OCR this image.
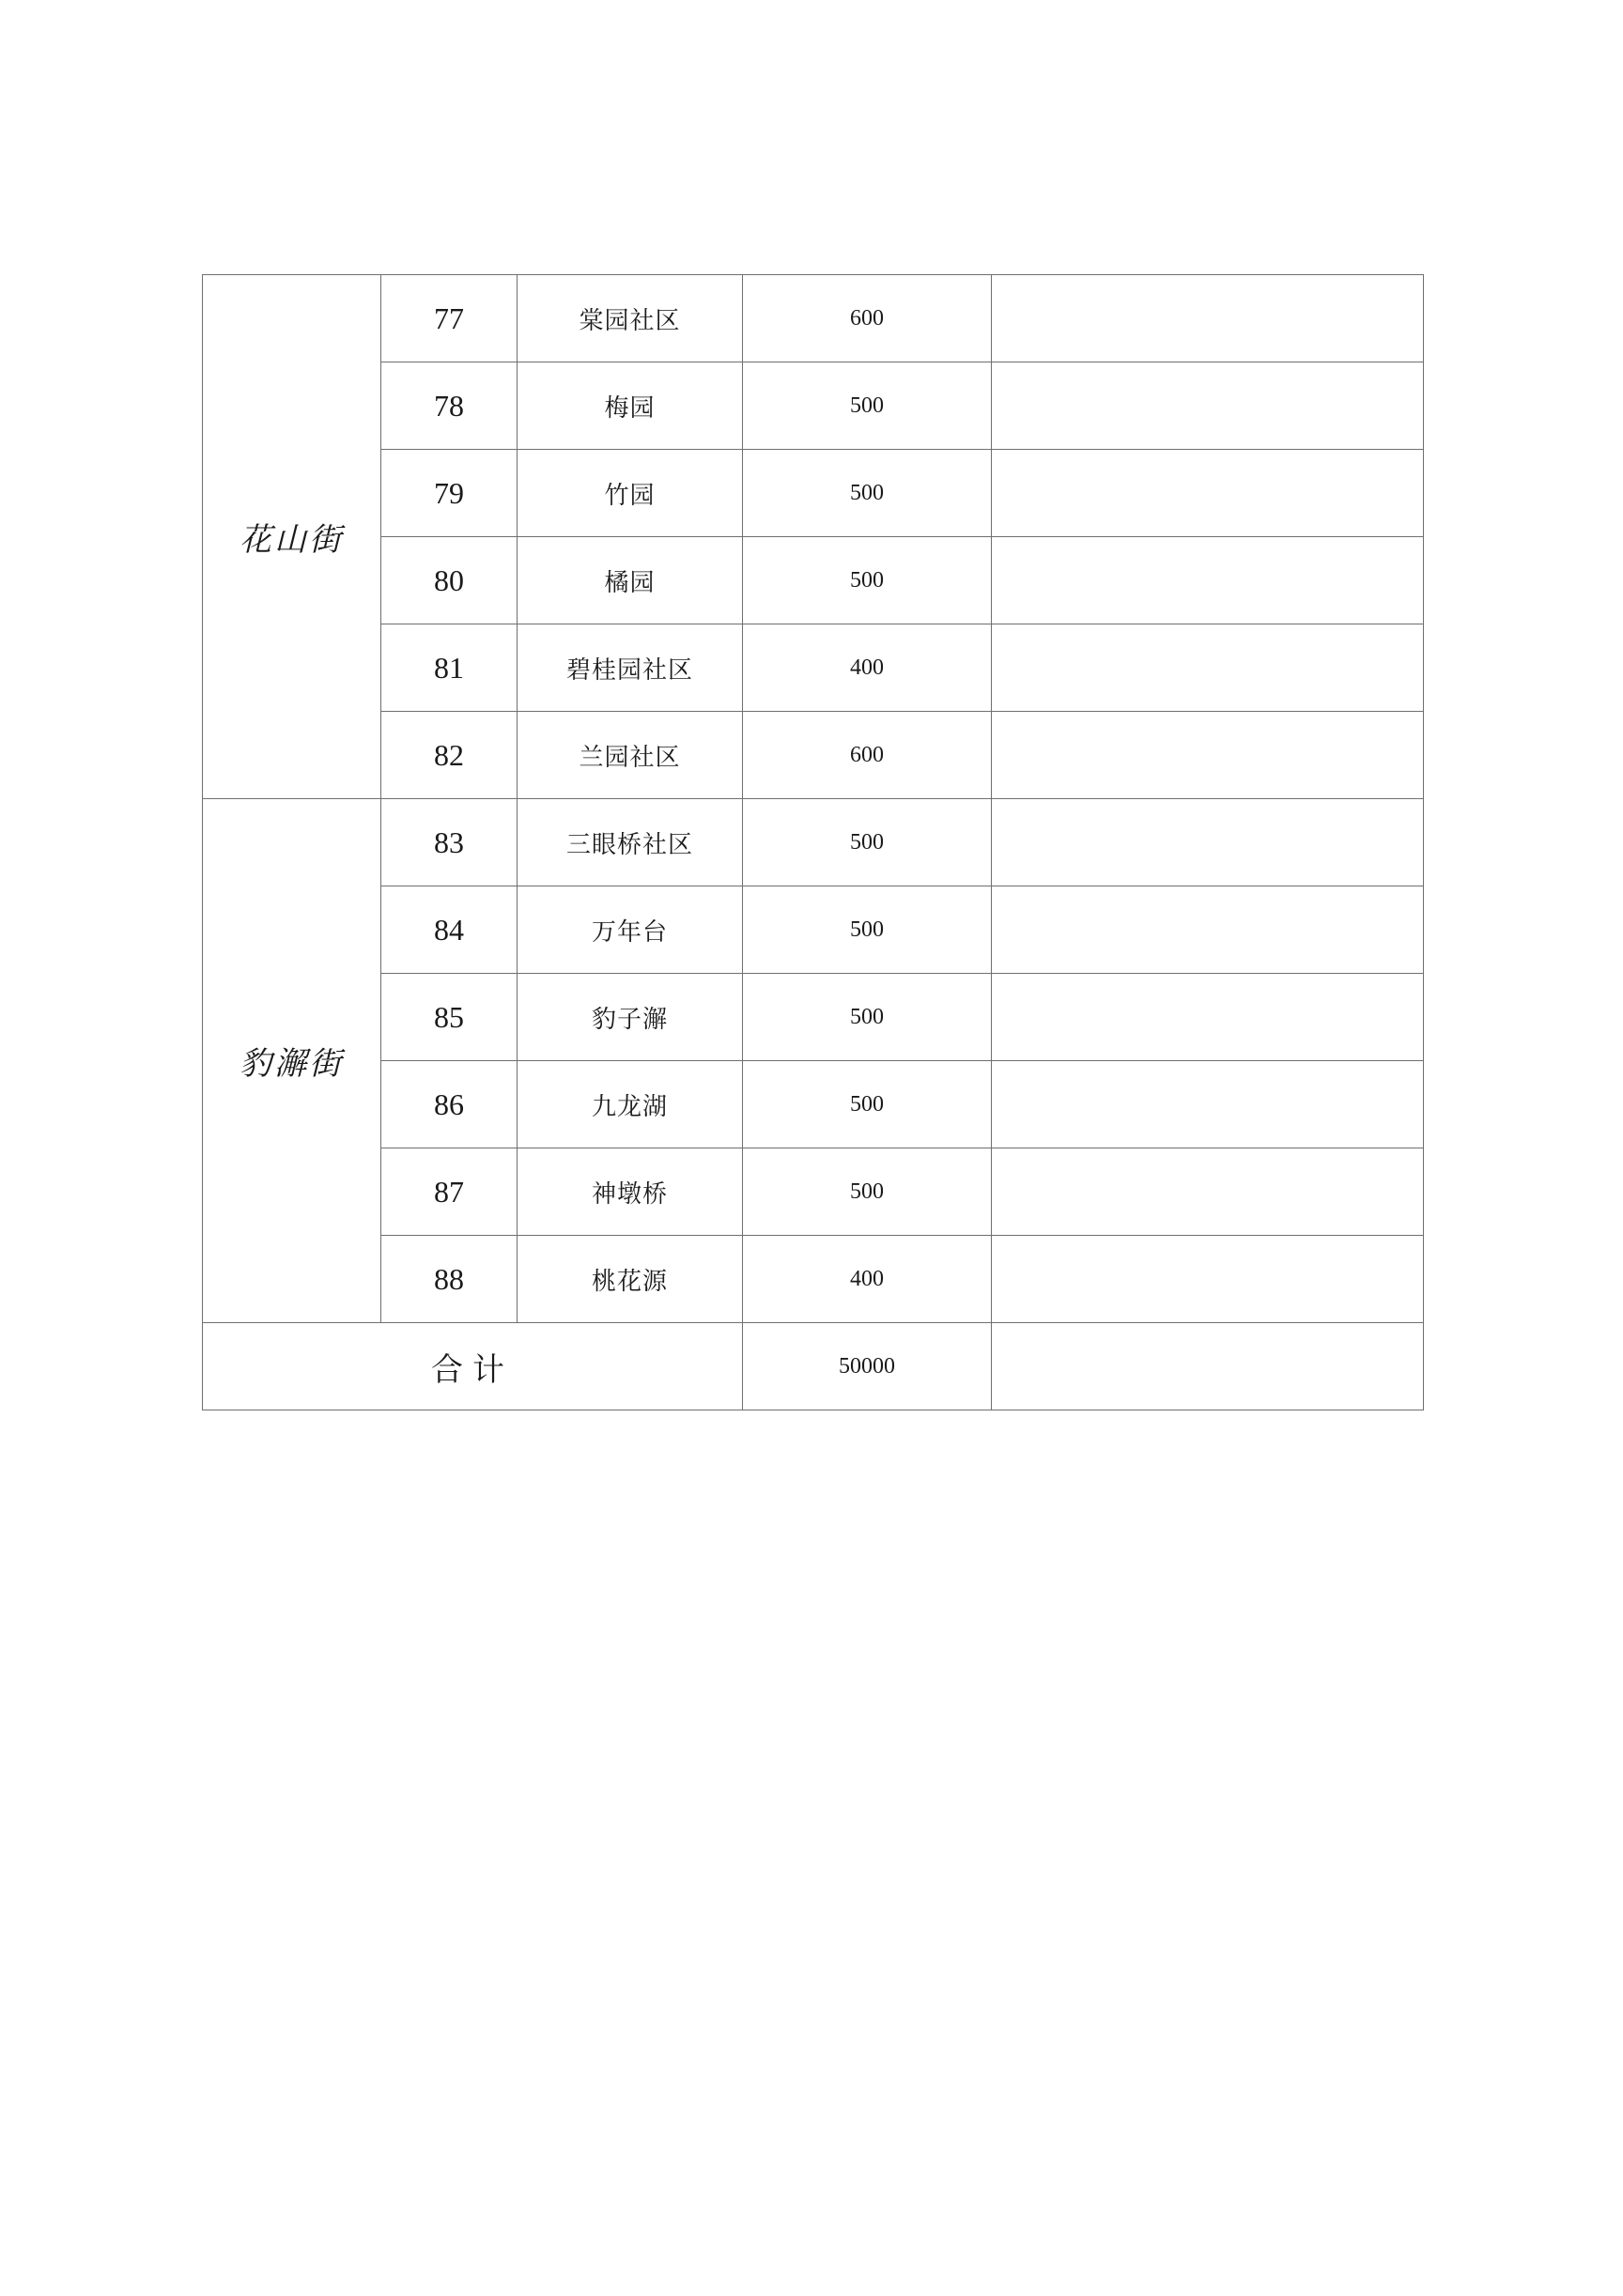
花山街	77	棠园社区	600	
	78	梅园	500	
	79	竹园	500	
	80	橘园	500	
	81	碧桂园社区	400	
	82	兰园社区	600	
豹澥街	83	三眼桥社区	500	
	84	万年台	500	
	85	豹子澥	500	
	86	九龙湖	500	
	87	神墩桥	500	
	88	桃花源	400	
合计			50000	
